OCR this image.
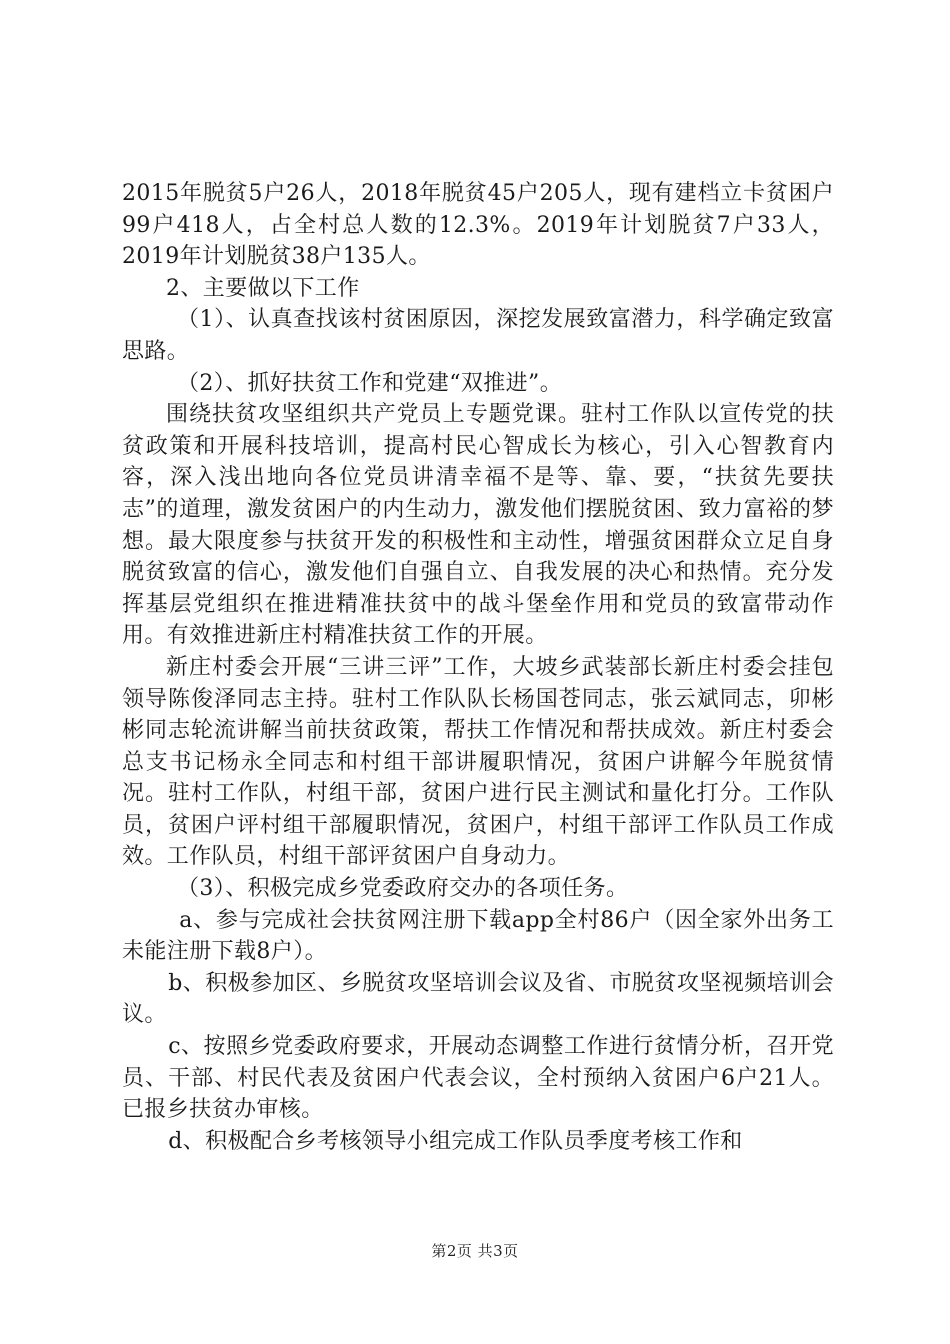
2015年脱贫5户26人，2018年脱贫45户205人，现有建档立卡贫困户99户418人，占全村总人数的12.3%。2019年计划脱贫7户33人，2019年计划脱贫38户135人。

2、主要做以下工作

（1）、认真查找该村贫困原因，深挖发展致富潜力，科学确定致富思路。

（2）、抓好扶贫工作和党建“双推进”。

围绕扶贫攻坚组织共产党员上专题党课。驻村工作队以宣传党的扶贫政策和开展科技培训，提高村民心智成长为核心，引入心智教育内容，深入浅出地向各位党员讲清幸福不是等、靠、要，“扶贫先要扶志”的道理，激发贫困户的内生动力，激发他们摆脱贫困、致力富裕的梦想。最大限度参与扶贫开发的积极性和主动性，增强贫困群众立足自身脱贫致富的信心，激发他们自强自立、自我发展的决心和热情。充分发挥基层党组织在推进精准扶贫中的战斗堡垒作用和党员的致富带动作用。有效推进新庄村精准扶贫工作的开展。

新庄村委会开展“三讲三评”工作，大坡乡武装部长新庄村委会挂包领导陈俊泽同志主持。驻村工作队队长杨国苍同志，张云斌同志，卯彬彬同志轮流讲解当前扶贫政策，帮扶工作情况和帮扶成效。新庄村委会总支书记杨永全同志和村组干部讲履职情况，贫困户讲解今年脱贫情况。驻村工作队，村组干部，贫困户进行民主测试和量化打分。工作队员，贫困户评村组干部履职情况，贫困户，村组干部评工作队员工作成效。工作队员，村组干部评贫困户自身动力。

（3）、积极完成乡党委政府交办的各项任务。

a、参与完成社会扶贫网注册下载app全村86户（因全家外出务工未能注册下载8户）。

b、积极参加区、乡脱贫攻坚培训会议及省、市脱贫攻坚视频培训会议。

c、按照乡党委政府要求，开展动态调整工作进行贫情分析，召开党员、干部、村民代表及贫困户代表会议，全村预纳入贫困户6户21人。已报乡扶贫办审核。

d、积极配合乡考核领导小组完成工作队员季度考核工作和

第2页 共3页
